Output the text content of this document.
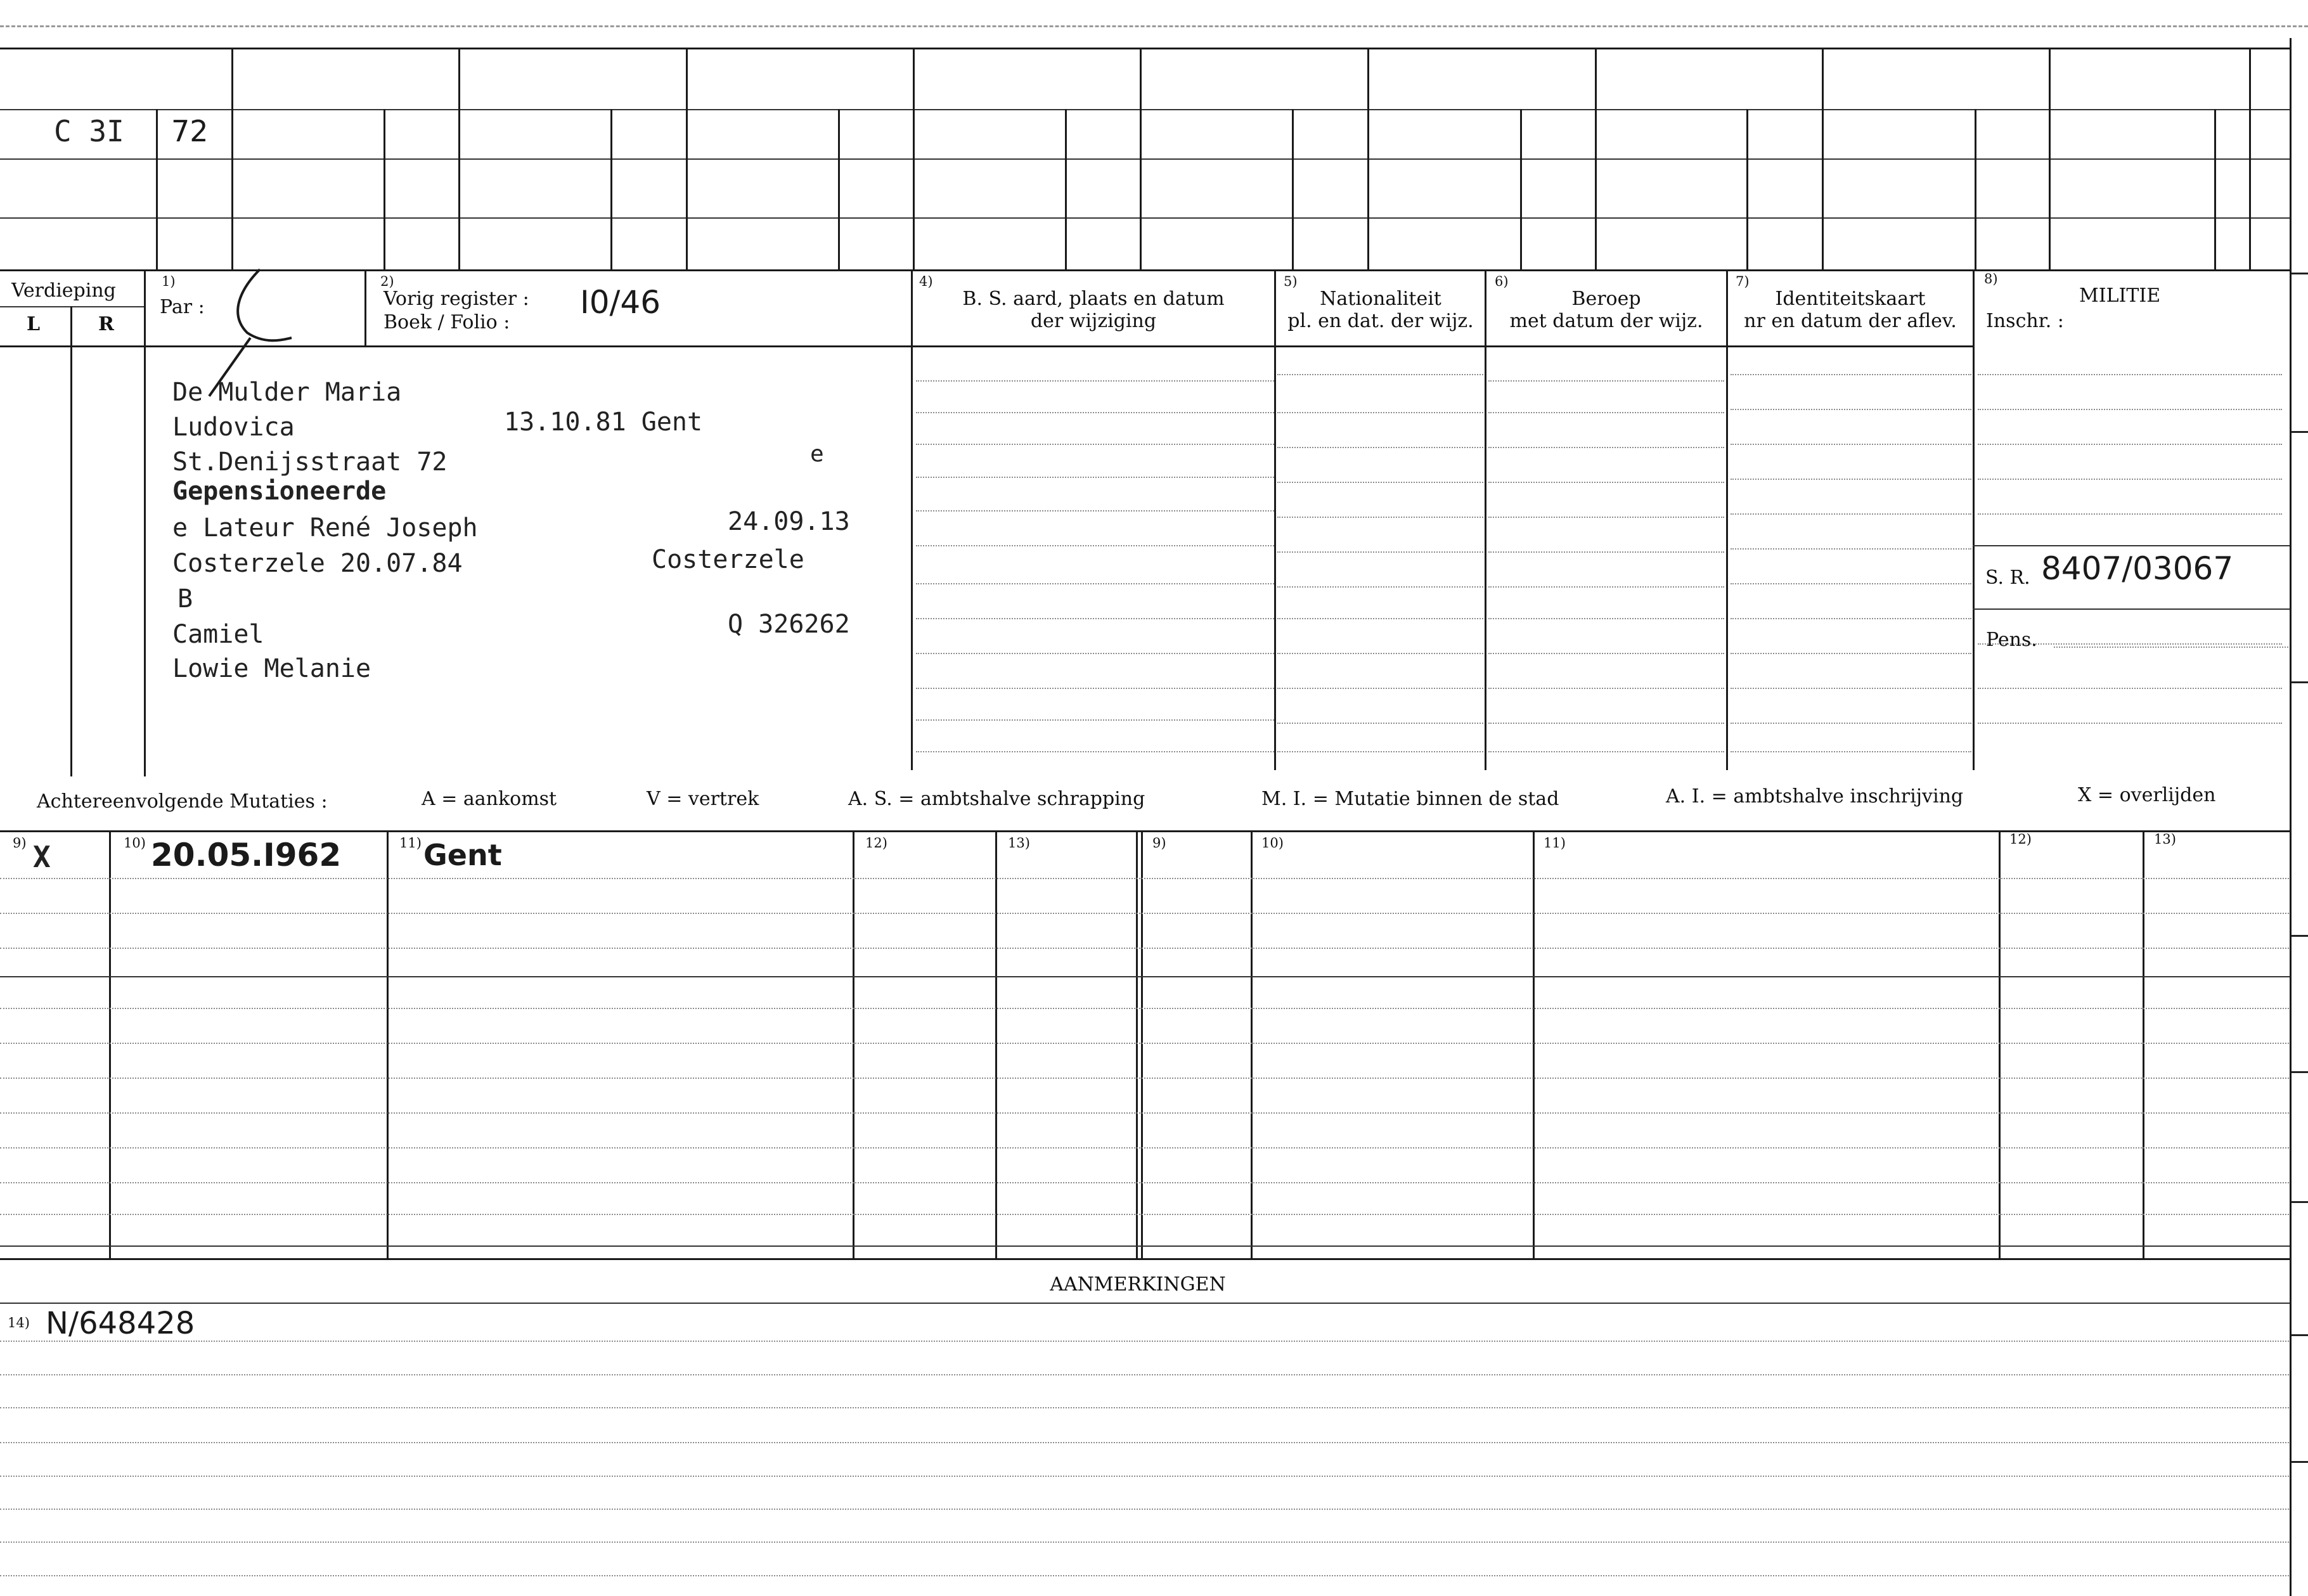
C 3I 72
Verdieping
L	R
1)
Par :
2)
Vorig register : I0/46
Boek / Folio :
4)
B. S. aard, plaats en datum
der wijziging
5)
Nationaliteit
pl. en dat. der wijz.
6)
Beroep
met datum der wijz.
7)
Identiteitskaart
nr en datum der aflev.
8)
MILITIE
Inschr. :
S. R. 8407/03067
Pens.
De Mulder Maria
Ludovica	13.10.81 Gent
St.Denijsstraat 72	e
Gepensioneerde
e Lateur René Joseph	24.09.13
Costerzele 20.07.84	Costerzele
B
Camiel	Q 326262
Lowie Melanie
Achtereenvolgende Mutaties :	A = aankomst	V = vertrek	A. S. = ambtshalve schrapping	M. I. = Mutatie binnen de stad	A. I. = ambtshalve inschrijving	X = overlijden
9)	10)	11)	12)	13)	9)	10)	11)	12)	13)
X	20.05.I962	Gent
AANMERKINGEN
14) N/648428
